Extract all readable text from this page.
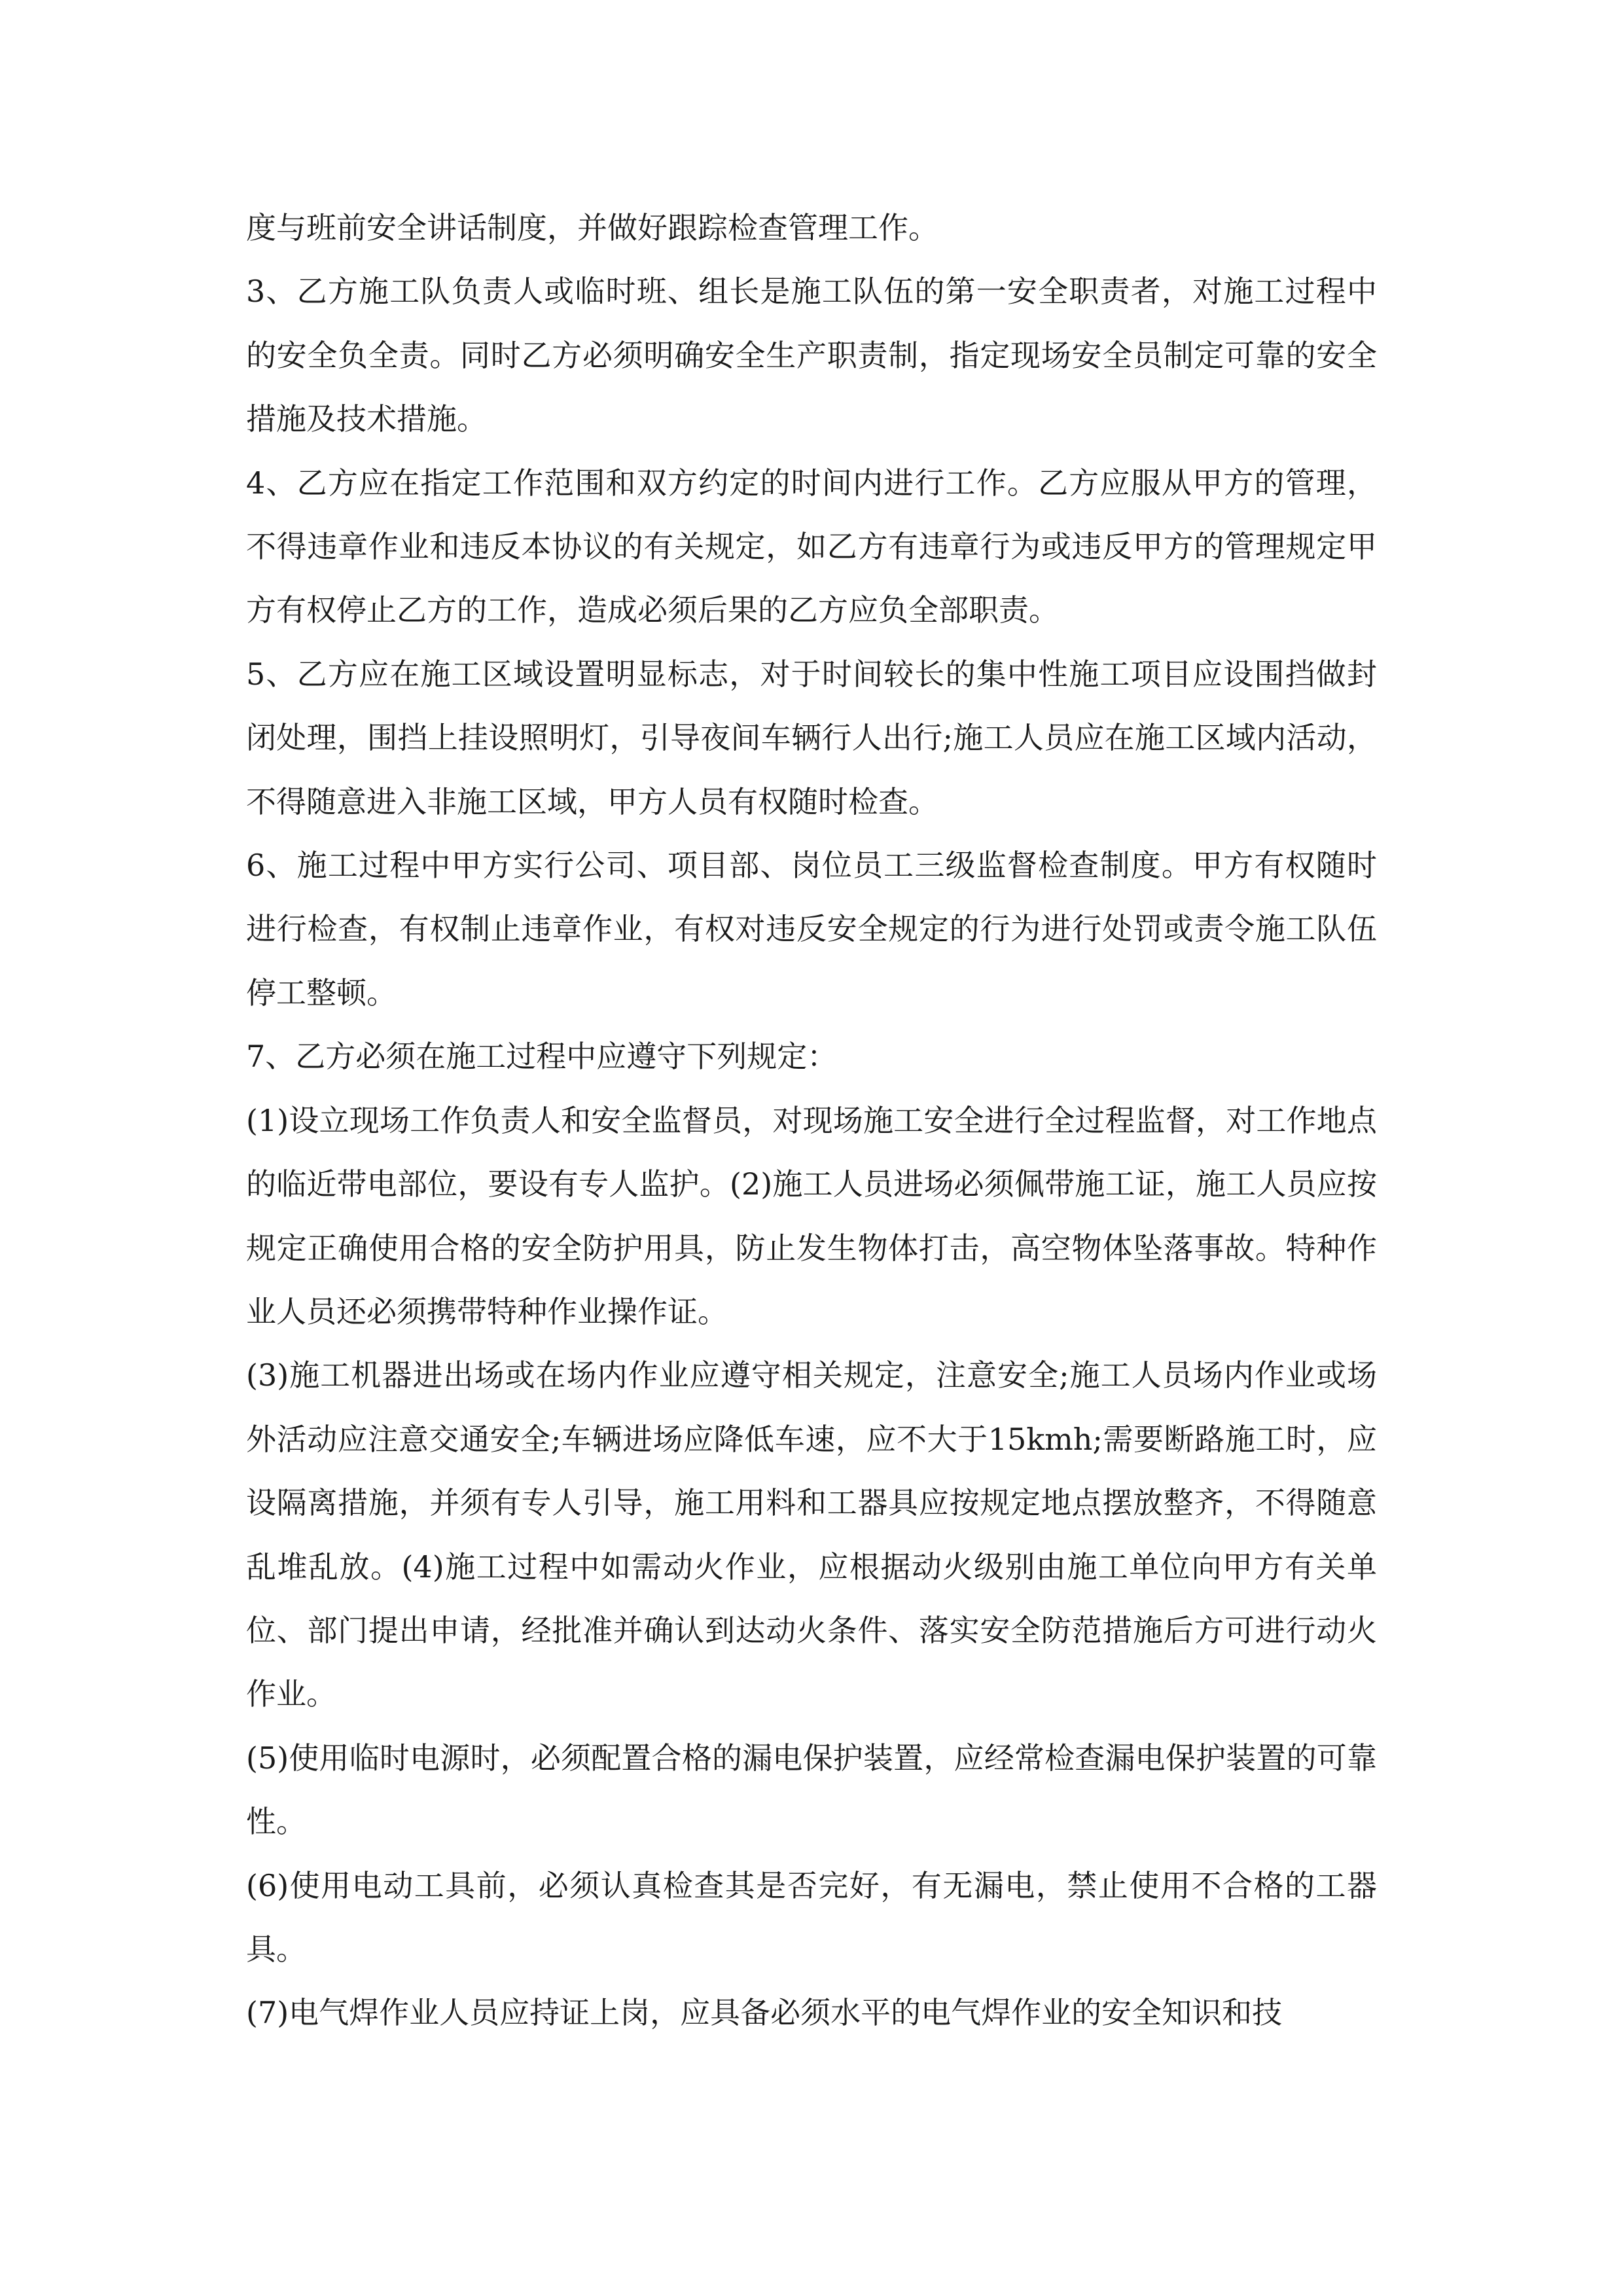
度与班前安全讲话制度，并做好跟踪检查管理工作。

3、乙方施工队负责人或临时班、组长是施工队伍的第一安全职责者，对施工过程中的安全负全责。同时乙方必须明确安全生产职责制，指定现场安全员制定可靠的安全措施及技术措施。

4、乙方应在指定工作范围和双方约定的时间内进行工作。乙方应服从甲方的管理，不得违章作业和违反本协议的有关规定，如乙方有违章行为或违反甲方的管理规定甲方有权停止乙方的工作，造成必须后果的乙方应负全部职责。

5、乙方应在施工区域设置明显标志，对于时间较长的集中性施工项目应设围挡做封闭处理，围挡上挂设照明灯，引导夜间车辆行人出行;施工人员应在施工区域内活动，不得随意进入非施工区域，甲方人员有权随时检查。

6、施工过程中甲方实行公司、项目部、岗位员工三级监督检查制度。甲方有权随时进行检查，有权制止违章作业，有权对违反安全规定的行为进行处罚或责令施工队伍停工整顿。

7、乙方必须在施工过程中应遵守下列规定：

(1)设立现场工作负责人和安全监督员，对现场施工安全进行全过程监督，对工作地点的临近带电部位，要设有专人监护。(2)施工人员进场必须佩带施工证，施工人员应按规定正确使用合格的安全防护用具，防止发生物体打击，高空物体坠落事故。特种作业人员还必须携带特种作业操作证。

(3)施工机器进出场或在场内作业应遵守相关规定，注意安全;施工人员场内作业或场外活动应注意交通安全;车辆进场应降低车速，应不大于15kmh;需要断路施工时，应设隔离措施，并须有专人引导，施工用料和工器具应按规定地点摆放整齐，不得随意乱堆乱放。(4)施工过程中如需动火作业，应根据动火级别由施工单位向甲方有关单位、部门提出申请，经批准并确认到达动火条件、落实安全防范措施后方可进行动火作业。

(5)使用临时电源时，必须配置合格的漏电保护装置，应经常检查漏电保护装置的可靠性。

(6)使用电动工具前，必须认真检查其是否完好，有无漏电，禁止使用不合格的工器具。

(7)电气焊作业人员应持证上岗，应具备必须水平的电气焊作业的安全知识和技
